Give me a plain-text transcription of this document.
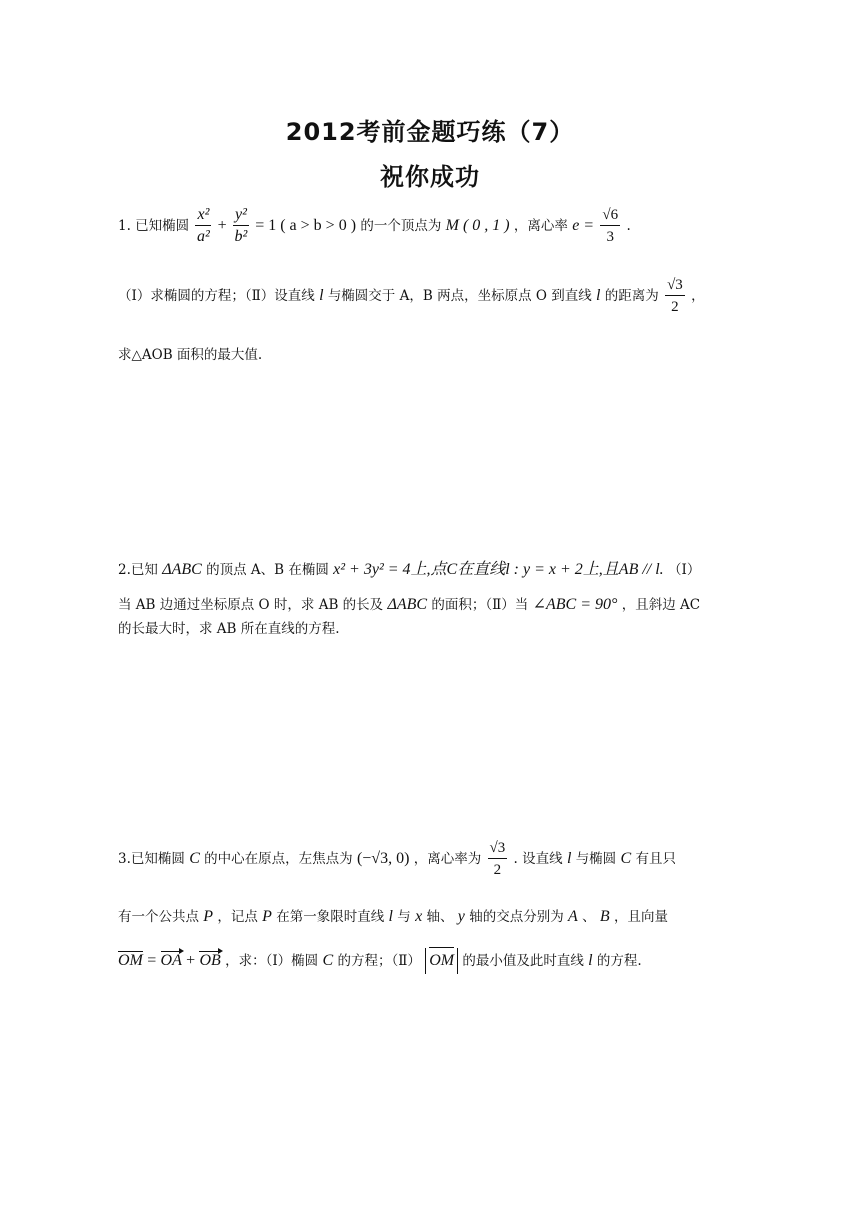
2012考前金题巧练（7）
祝你成功
1. 已知椭圆 $\frac{\text{x²}}{\text{a²}} + \frac{\text{y²}}{\text{b²}} = 1$ ( a > b > 0 ) 的一个顶点为 M ( 0 , 1 ) ，离心率 $e = \frac{√6}{3}$ .
（Ⅰ）求椭圆的方程；（Ⅱ）设直线 l 与椭圆交于 A，B 两点，坐标原点 O 到直线 l 的距离为 $\frac{√3}{2}$ ，
求△AOB 面积的最大值.
2.已知 ΔABC 的顶点 A、B 在椭圆 x² + 3y² = 4上,点C在直线l : y = x + 2上,且AB // l. （Ⅰ）
当 AB 边通过坐标原点 O 时，求 AB 的长及 ΔABC 的面积；（Ⅱ）当 ∠ABC = 90° ，且斜边 AC
的长最大时，求 AB 所在直线的方程.
3.已知椭圆 C 的中心在原点，左焦点为 (−√3, 0) ，离心率为 $\frac{√3}{2}$ . 设直线 l 与椭圆 C 有且只
有一个公共点 P ，记点 P 在第一象限时直线 l 与 x 轴、 y 轴的交点分别为 A 、 B ，且向量
OM = OA + OB ，求：（Ⅰ）椭圆 C 的方程；（Ⅱ） OM 的最小值及此时直线 l 的方程.
